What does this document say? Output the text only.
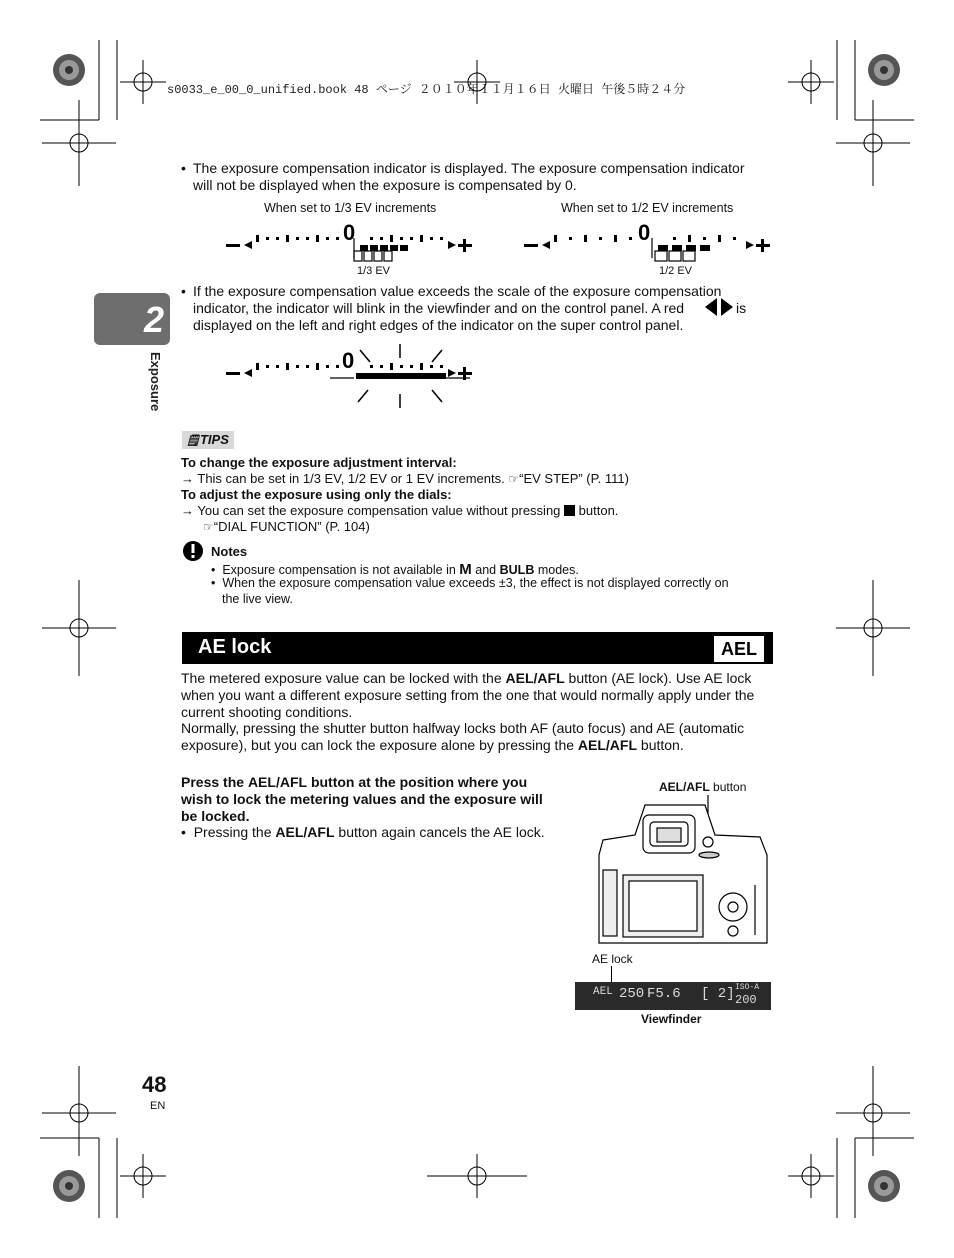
s0033_e_00_0_unified.book 48 ページ ２０１０年１１月１６日 火曜日 午後５時２４分
2
Exposure
• The exposure compensation indicator is displayed. The exposure compensation indicator
will not be displayed when the exposure is compensated by 0.
When set to 1/3 EV increments	When set to 1/2 EV increments
0
1/3 EV
0
1/2 EV
• If the exposure compensation value exceeds the scale of the exposure compensation
indicator, the indicator will blink in the viewfinder and on the control panel. A red
displayed on the left and right edges of the indicator on the super control panel.
is
0
🗒TIPS
To change the exposure adjustment interval:
→ This can be set in 1/3 EV, 1/2 EV or 1 EV increments. ☞“EV STEP” (P. 111)
To adjust the exposure using only the dials:
→ You can set the exposure compensation value without pressing button.
☞“DIAL FUNCTION” (P. 104)
Notes
•  Exposure compensation is not available in M and BULB modes.
•  When the exposure compensation value exceeds ±3, the effect is not displayed correctly on
the live view.
AE lock	AEL
The metered exposure value can be locked with the AEL/AFL button (AE lock). Use AE lock
when you want a different exposure setting from the one that would normally apply under the
current shooting conditions.
Normally, pressing the shutter button halfway locks both AF (auto focus) and AE (automatic
exposure), but you can lock the exposure alone by pressing the AEL/AFL button.
Press the AEL/AFL button at the position where you
wish to lock the metering values and the exposure will
be locked.
•  Pressing the AEL/AFL button again cancels the AE lock.
AEL/AFL button
AE lock
AEL 250 F5.6 [ 2] ISO-A
200
Viewfinder
48
EN
